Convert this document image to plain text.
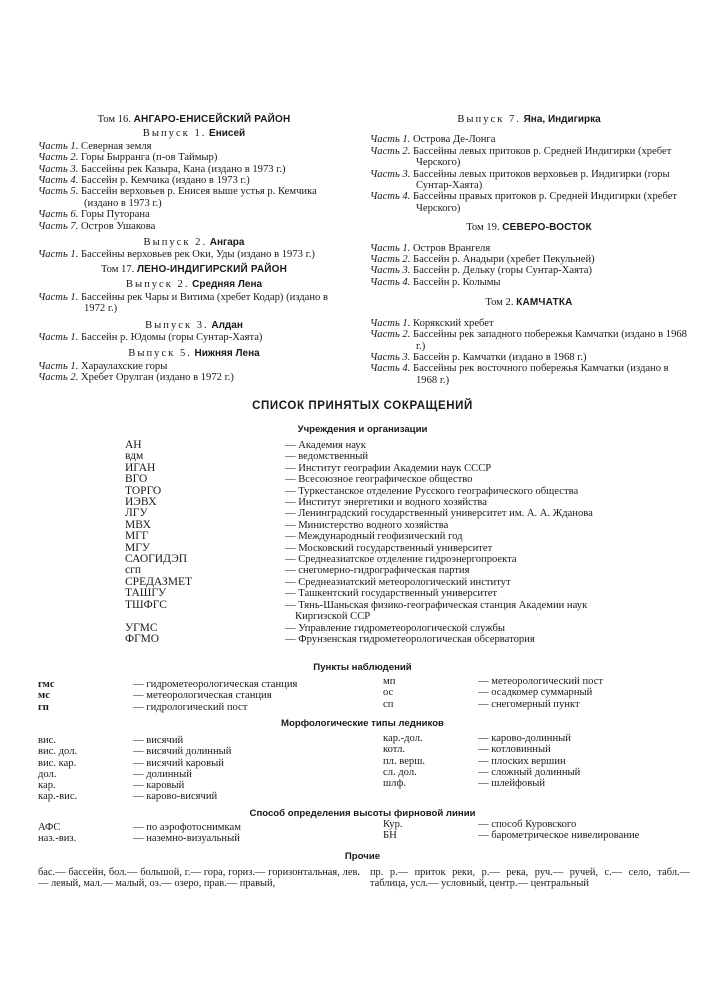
Том 16. АНГАРО-ЕНИСЕЙСКИЙ РАЙОН

Выпуск 1. Енисей

Часть 1. Северная земля

Часть 2. Горы Бырранга (п-ов Таймыр)

Часть 3. Бассейны рек Казыра, Кана (издано в 1973 г.)

Часть 4. Бассейн р. Кемчика (издано в 1973 г.)

Часть 5. Бассейн верховьев р. Енисея выше устья р. Кемчика (издано в 1973 г.)

Часть 6. Горы Путорана

Часть 7. Остров Ушакова

Выпуск 2. Ангара

Часть 1. Бассейны верховьев рек Оки, Уды (издано в 1973 г.)

Том 17. ЛЕНО-ИНДИГИРСКИЙ РАЙОН

Выпуск 2. Средняя Лена

Часть 1. Бассейны рек Чары и Витима (хребет Кодар) (издано в 1972 г.)

Выпуск 3. Алдан

Часть 1. Бассейн р. Юдомы (горы Сунтар-Хаята)

Выпуск 5. Нижняя Лена

Часть 1. Хараулахские горы

Часть 2. Хребет Орулган (издано в 1972 г.)

Выпуск 7. Яна, Индигирка

Часть 1. Острова Де-Лонга

Часть 2. Бассейны левых притоков р. Средней Индигирки (хребет Черского)

Часть 3. Бассейны левых притоков верховьев р. Индигирки (горы Сунтар-Хаята)

Часть 4. Бассейны правых притоков р. Средней Индигирки (хребет Черского)

Том 19. СЕВЕРО-ВОСТОК

Часть 1. Остров Врангеля

Часть 2. Бассейн р. Анадыри (хребет Пекульней)

Часть 3. Бассейн р. Дельку (горы Сунтар-Хаята)

Часть 4. Бассейн р. Колымы

Том 2. КАМЧАТКА

Часть 1. Корякский хребет

Часть 2. Бассейны рек западного побережья Камчатки (издано в 1968 г.)

Часть 3. Бассейн р. Камчатки (издано в 1968 г.)

Часть 4. Бассейны рек восточного побережья Камчатки (издано в 1968 г.)

СПИСОК ПРИНЯТЫХ СОКРАЩЕНИЙ
Учреждения и организации
АН	— Академия наук
вдм	— ведомственный
ИГАН	— Институт географии Академии наук СССР
ВГО	— Всесоюзное географическое общество
ТОРГО	— Туркестанское отделение Русского географического общества
ИЭВХ	— Институт энергетики и водного хозяйства
ЛГУ	— Ленинградский государственный университет им. А. А. Жданова
МВХ	— Министерство водного хозяйства
МГГ	— Международный геофизический год
МГУ	— Московский государственный университет
САОГИДЭП	— Среднеазиатское отделение гидроэнергопроекта
сгп	— снегомерно-гидрографическая партия
СРЕДАЗМЕТ	— Среднеазиатский метеорологический институт
ТАШГУ	— Ташкентский государственный университет
ТШФГС	— Тянь-Шаньская физико-географическая станция Академии наук Киргизской ССР
УГМС	— Управление гидрометеорологической службы
ФГМО	— Фрунзенская гидрометеорологическая обсерватория
Пункты наблюдений
гмс	— гидрометеорологическая станция
мс	— метеорологическая станция
гп	— гидрологический пост
мп	— метеорологический пост
ос	— осадкомер суммарный
сп	— снегомерный пункт
Морфологические типы ледников
вис.	— висячий
вис. дол.	— висячий долинный
вис. кар.	— висячий каровый
дол.	— долинный
кар.	— каровый
кар.-вис.	— карово-висячий
кар.-дол.	— карово-долинный
котл.	— котловинный
пл. верш.	— плоских вершин
сл. дол.	— сложный долинный
шлф.	— шлейфовый
Способ определения высоты фирновой линии
АФС	— по аэрофотоснимкам
наз.-виз.	— наземно-визуальный
Кур.	— способ Куровского
БН	— барометрическое нивелирование
Прочие
бас.— бассейн, бол.— большой, г.— гора, гориз.— горизонтальная, лев.— левый, мал.— малый, оз.— озеро, прав.— правый,
пр. р.— приток реки, р.— река, руч.— ручей, с.— село, табл.— таблица, усл.— условный, центр.— центральный
